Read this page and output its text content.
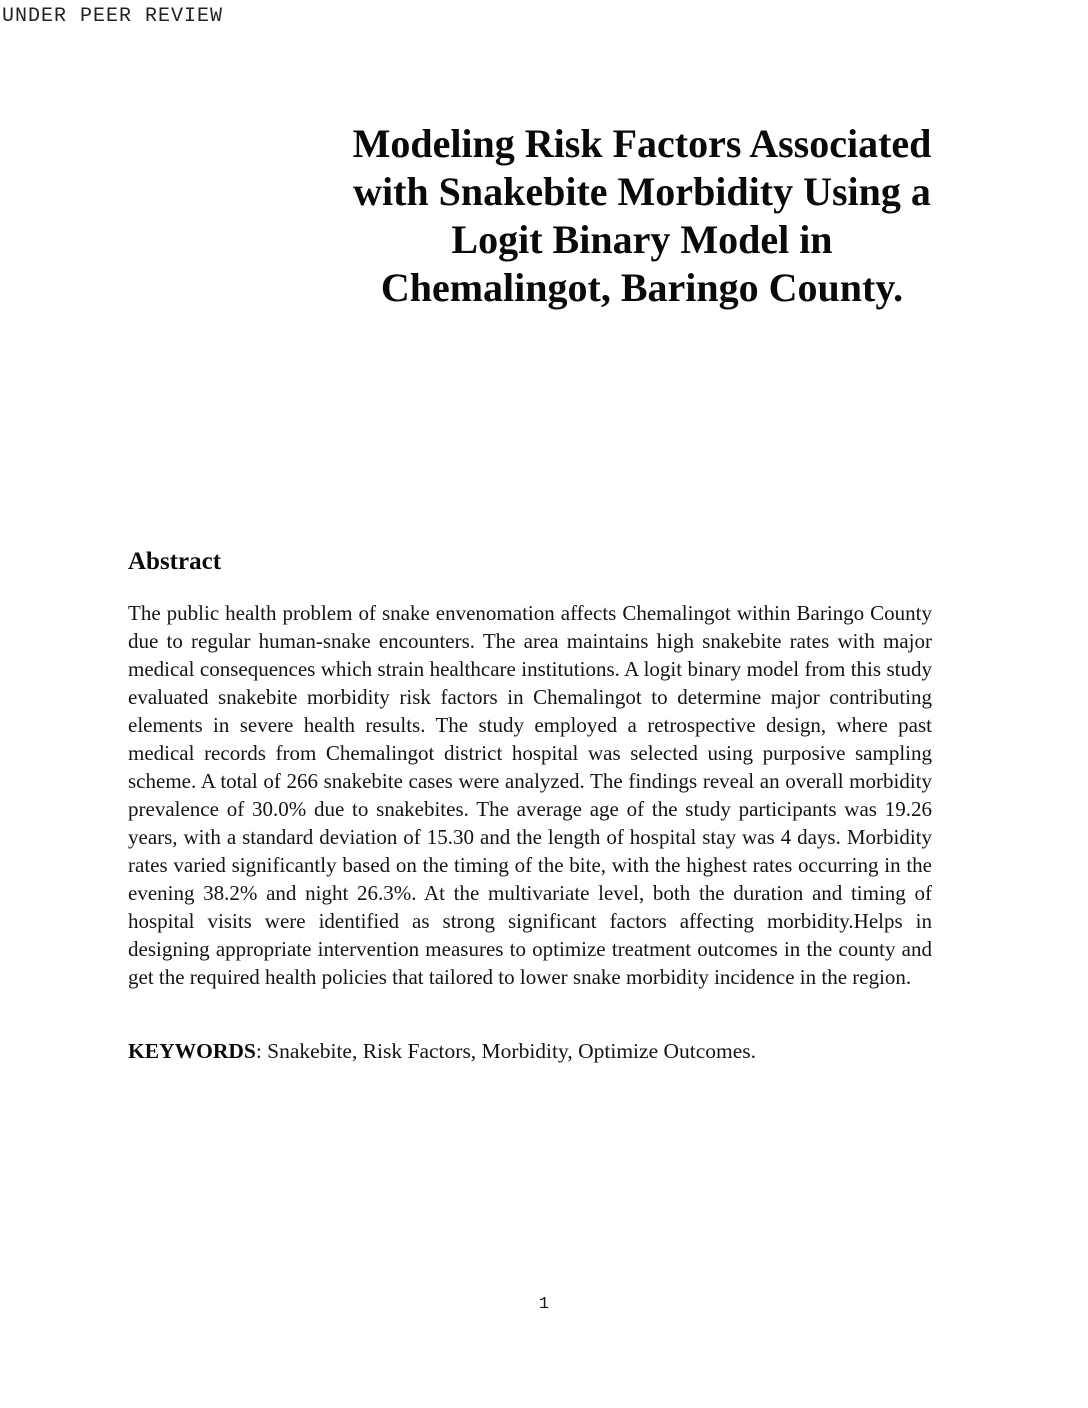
UNDER PEER REVIEW
Modeling Risk Factors Associated
with Snakebite Morbidity Using a
Logit Binary Model in
Chemalingot, Baringo County.
Abstract

The public health problem of snake envenomation affects Chemalingot within Baringo County due to regular human-snake encounters. The area maintains high snakebite rates with major medical consequences which strain healthcare institutions. A logit binary model from this study evaluated snakebite morbidity risk factors in Chemalingot to determine major contributing elements in severe health results. The study employed a retrospective design, where past medical records from Chemalingot district hospital was selected using purposive sampling scheme. A total of 266 snakebite cases were analyzed. The findings reveal an overall morbidity prevalence of 30.0% due to snakebites. The average age of the study participants was 19.26 years, with a standard deviation of 15.30 and the length of hospital stay was 4 days. Morbidity rates varied significantly based on the timing of the bite, with the highest rates occurring in the evening 38.2% and night 26.3%. At the multivariate level, both the duration and timing of hospital visits were identified as strong significant factors affecting morbidity.Helps in designing appropriate intervention measures to optimize treatment outcomes in the county and get the required health policies that tailored to lower snake morbidity incidence in the region.

KEYWORDS: Snakebite, Risk Factors, Morbidity, Optimize Outcomes.

1
